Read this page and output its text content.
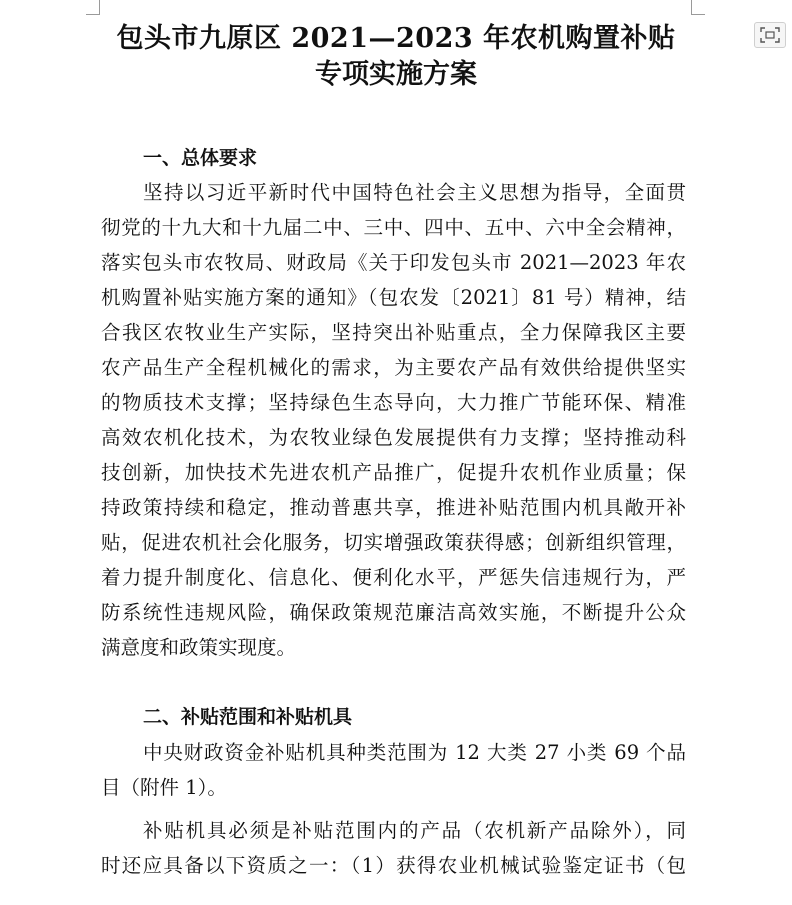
包头市九原区 2021—2023 年农机购置补贴
专项实施方案
一、总体要求
坚持以习近平新时代中国特色社会主义思想为指导，全面贯
彻党的十九大和十九届二中、三中、四中、五中、六中全会精神，
落实包头市农牧局、财政局《关于印发包头市 2021—2023 年农
机购置补贴实施方案的通知》（包农发〔2021〕81 号）精神，结
合我区农牧业生产实际，坚持突出补贴重点，全力保障我区主要
农产品生产全程机械化的需求，为主要农产品有效供给提供坚实
的物质技术支撑；坚持绿色生态导向，大力推广节能环保、精准
高效农机化技术，为农牧业绿色发展提供有力支撑；坚持推动科
技创新，加快技术先进农机产品推广，促提升农机作业质量；保
持政策持续和稳定，推动普惠共享，推进补贴范围内机具敞开补
贴，促进农机社会化服务，切实增强政策获得感；创新组织管理，
着力提升制度化、信息化、便利化水平，严惩失信违规行为，严
防系统性违规风险，确保政策规范廉洁高效实施，不断提升公众
满意度和政策实现度。
二、补贴范围和补贴机具
中央财政资金补贴机具种类范围为 12 大类 27 小类 69 个品
目（附件 1）。
补贴机具必须是补贴范围内的产品（农机新产品除外），同
时还应具备以下资质之一：（1）获得农业机械试验鉴定证书（包
